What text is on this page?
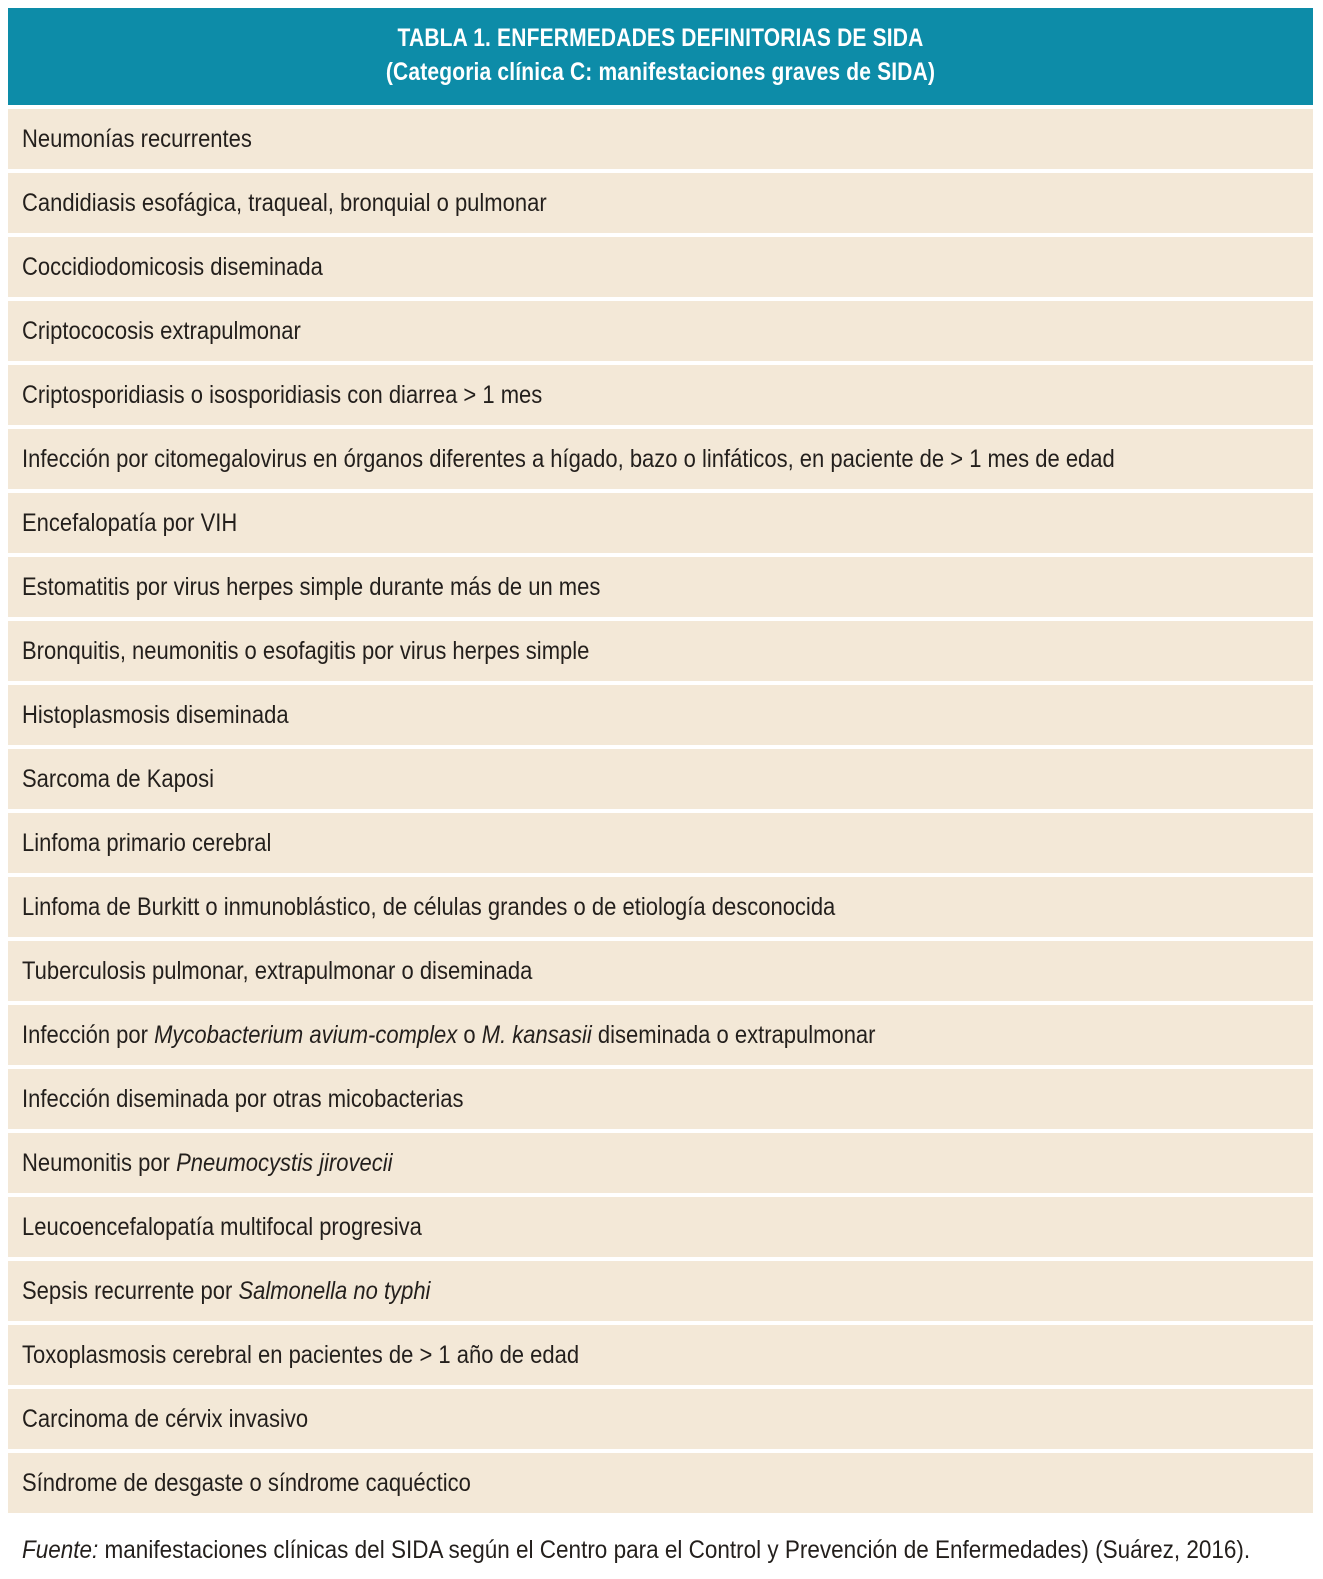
TABLA 1. ENFERMEDADES DEFINITORIAS DE SIDA
(Categoria clínica C: manifestaciones graves de SIDA)
Neumonías recurrentes
Candidiasis esofágica, traqueal, bronquial o pulmonar
Coccidiodomicosis diseminada
Criptococosis extrapulmonar
Criptosporidiasis o isosporidiasis con diarrea > 1 mes
Infección por citomegalovirus en órganos diferentes a hígado, bazo o linfáticos, en paciente de > 1 mes de edad
Encefalopatía por VIH
Estomatitis por virus herpes simple durante más de un mes
Bronquitis, neumonitis o esofagitis por virus herpes simple
Histoplasmosis diseminada
Sarcoma de Kaposi
Linfoma primario cerebral
Linfoma de Burkitt o inmunoblástico, de células grandes o de etiología desconocida
Tuberculosis pulmonar, extrapulmonar o diseminada
Infección por Mycobacterium avium-complex o M. kansasii diseminada o extrapulmonar
Infección diseminada por otras micobacterias
Neumonitis por Pneumocystis jirovecii
Leucoencefalopatía multifocal progresiva
Sepsis recurrente por Salmonella no typhi
Toxoplasmosis cerebral en pacientes de > 1 año de edad
Carcinoma de cérvix invasivo
Síndrome de desgaste o síndrome caquéctico
Fuente: manifestaciones clínicas del SIDA según el Centro para el Control y Prevención de Enfermedades) (Suárez, 2016).
